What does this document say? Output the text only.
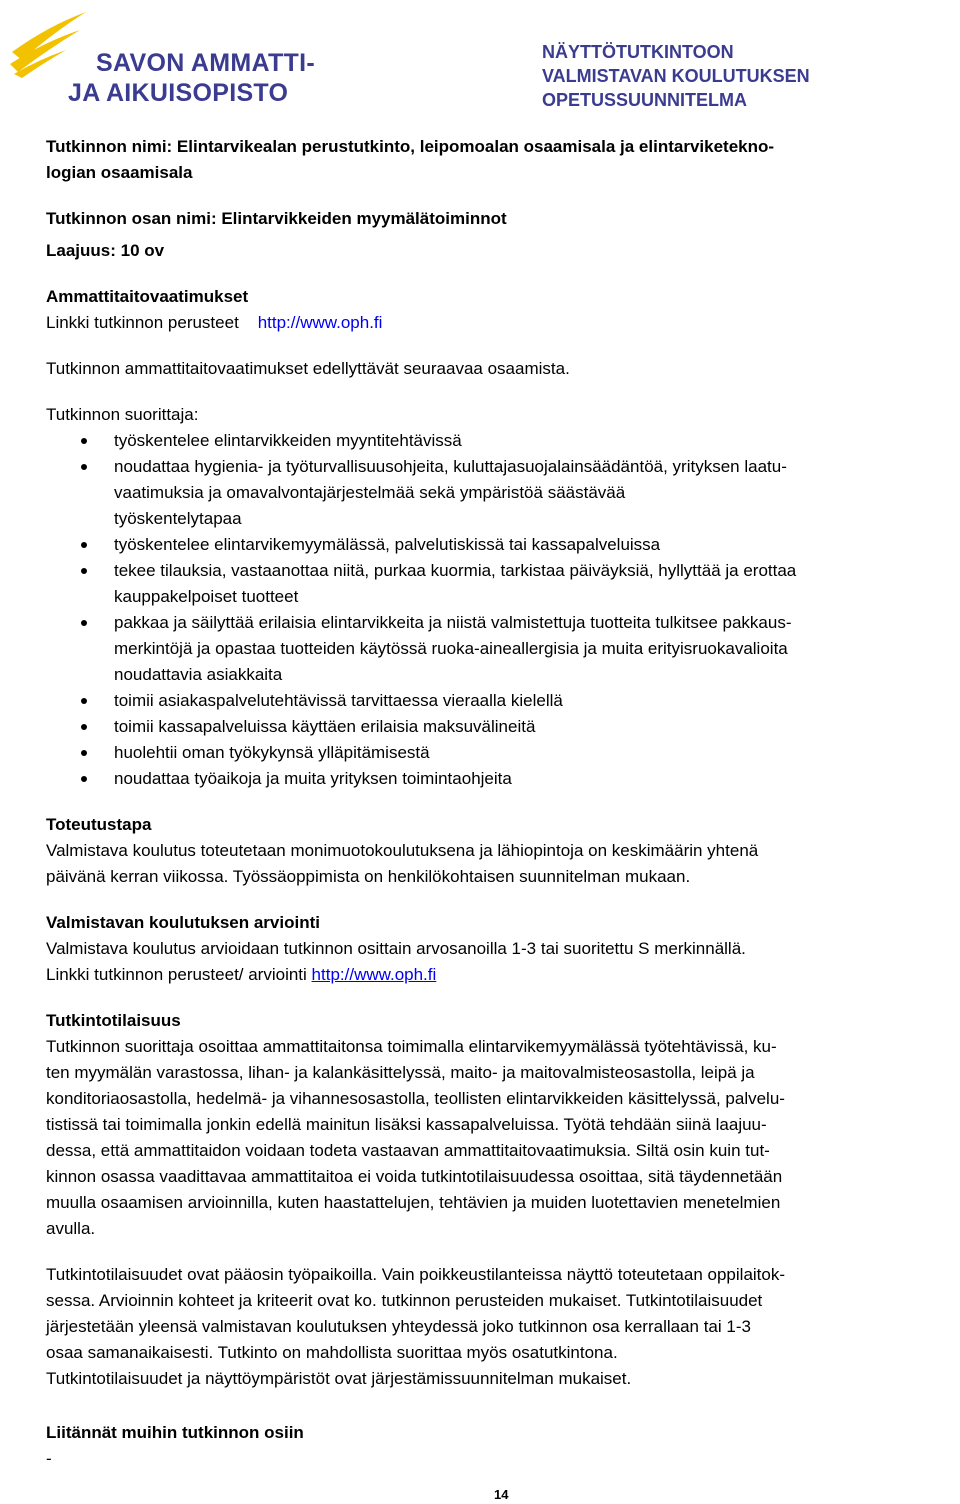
SAVON AMMATTI-
JA AIKUISOPISTO
NÄYTTÖTUTKINTOON
VALMISTAVAN KOULUTUKSEN
OPETUSSUUNNITELMA
Tutkinnon nimi: Elintarvikealan perustutkinto, leipomoalan osaamisala ja elintarviketekno-
logian osaamisala
Tutkinnon osan nimi: Elintarvikkeiden myymälätoiminnot
Laajuus: 10 ov
Ammattitaitovaatimukset
Linkki tutkinnon perusteet http://www.oph.fi
Tutkinnon ammattitaitovaatimukset edellyttävät seuraavaa osaamista.
Tutkinnon suorittaja:
työskentelee elintarvikkeiden myyntitehtävissä
noudattaa hygienia- ja työturvallisuusohjeita, kuluttajasuojalainsäädäntöä, yrityksen laatu-
vaatimuksia ja omavalvontajärjestelmää sekä ympäristöä säästävää
työskentelytapaa
työskentelee elintarvikemyymälässä, palvelutiskissä tai kassapalveluissa
tekee tilauksia, vastaanottaa niitä, purkaa kuormia, tarkistaa päiväyksiä, hyllyttää ja erottaa
kauppakelpoiset tuotteet
pakkaa ja säilyttää erilaisia elintarvikkeita ja niistä valmistettuja tuotteita tulkitsee pakkaus-
merkintöjä ja opastaa tuotteiden käytössä ruoka-aineallergisia ja muita erityisruokavalioita
noudattavia asiakkaita
toimii asiakaspalvelutehtävissä tarvittaessa vieraalla kielellä
toimii kassapalveluissa käyttäen erilaisia maksuvälineitä
huolehtii oman työkykynsä ylläpitämisestä
noudattaa työaikoja ja muita yrityksen toimintaohjeita
Toteutustapa
Valmistava koulutus toteutetaan monimuotokoulutuksena ja lähiopintoja on keskimäärin yhtenä
päivänä kerran viikossa. Työssäoppimista on henkilökohtaisen suunnitelman mukaan.
Valmistavan koulutuksen arviointi
Valmistava koulutus arvioidaan tutkinnon osittain arvosanoilla 1-3 tai suoritettu S merkinnällä.
Linkki tutkinnon perusteet/ arviointi http://www.oph.fi
Tutkintotilaisuus
Tutkinnon suorittaja osoittaa ammattitaitonsa toimimalla elintarvikemyymälässä työtehtävissä, ku-
ten myymälän varastossa, lihan- ja kalankäsittelyssä, maito- ja maitovalmisteosastolla, leipä ja
konditoriaosastolla, hedelmä- ja vihannesosastolla, teollisten elintarvikkeiden käsittelyssä, palvelu-
tistissä tai toimimalla jonkin edellä mainitun lisäksi kassapalveluissa. Työtä tehdään siinä laajuu-
dessa, että ammattitaidon voidaan todeta vastaavan ammattitaitovaatimuksia. Siltä osin kuin tut-
kinnon osassa vaadittavaa ammattitaitoa ei voida tutkintotilaisuudessa osoittaa, sitä täydennetään
muulla osaamisen arvioinnilla, kuten haastattelujen, tehtävien ja muiden luotettavien menetelmien
avulla.
Tutkintotilaisuudet ovat pääosin työpaikoilla. Vain poikkeustilanteissa näyttö toteutetaan oppilaitok-
sessa. Arvioinnin kohteet ja kriteerit ovat ko. tutkinnon perusteiden mukaiset. Tutkintotilaisuudet
järjestetään yleensä valmistavan koulutuksen yhteydessä joko tutkinnon osa kerrallaan tai 1-3
osaa samanaikaisesti. Tutkinto on mahdollista suorittaa myös osatutkintona.
Tutkintotilaisuudet ja näyttöympäristöt ovat järjestämissuunnitelman mukaiset.
Liitännät muihin tutkinnon osiin
-
14
